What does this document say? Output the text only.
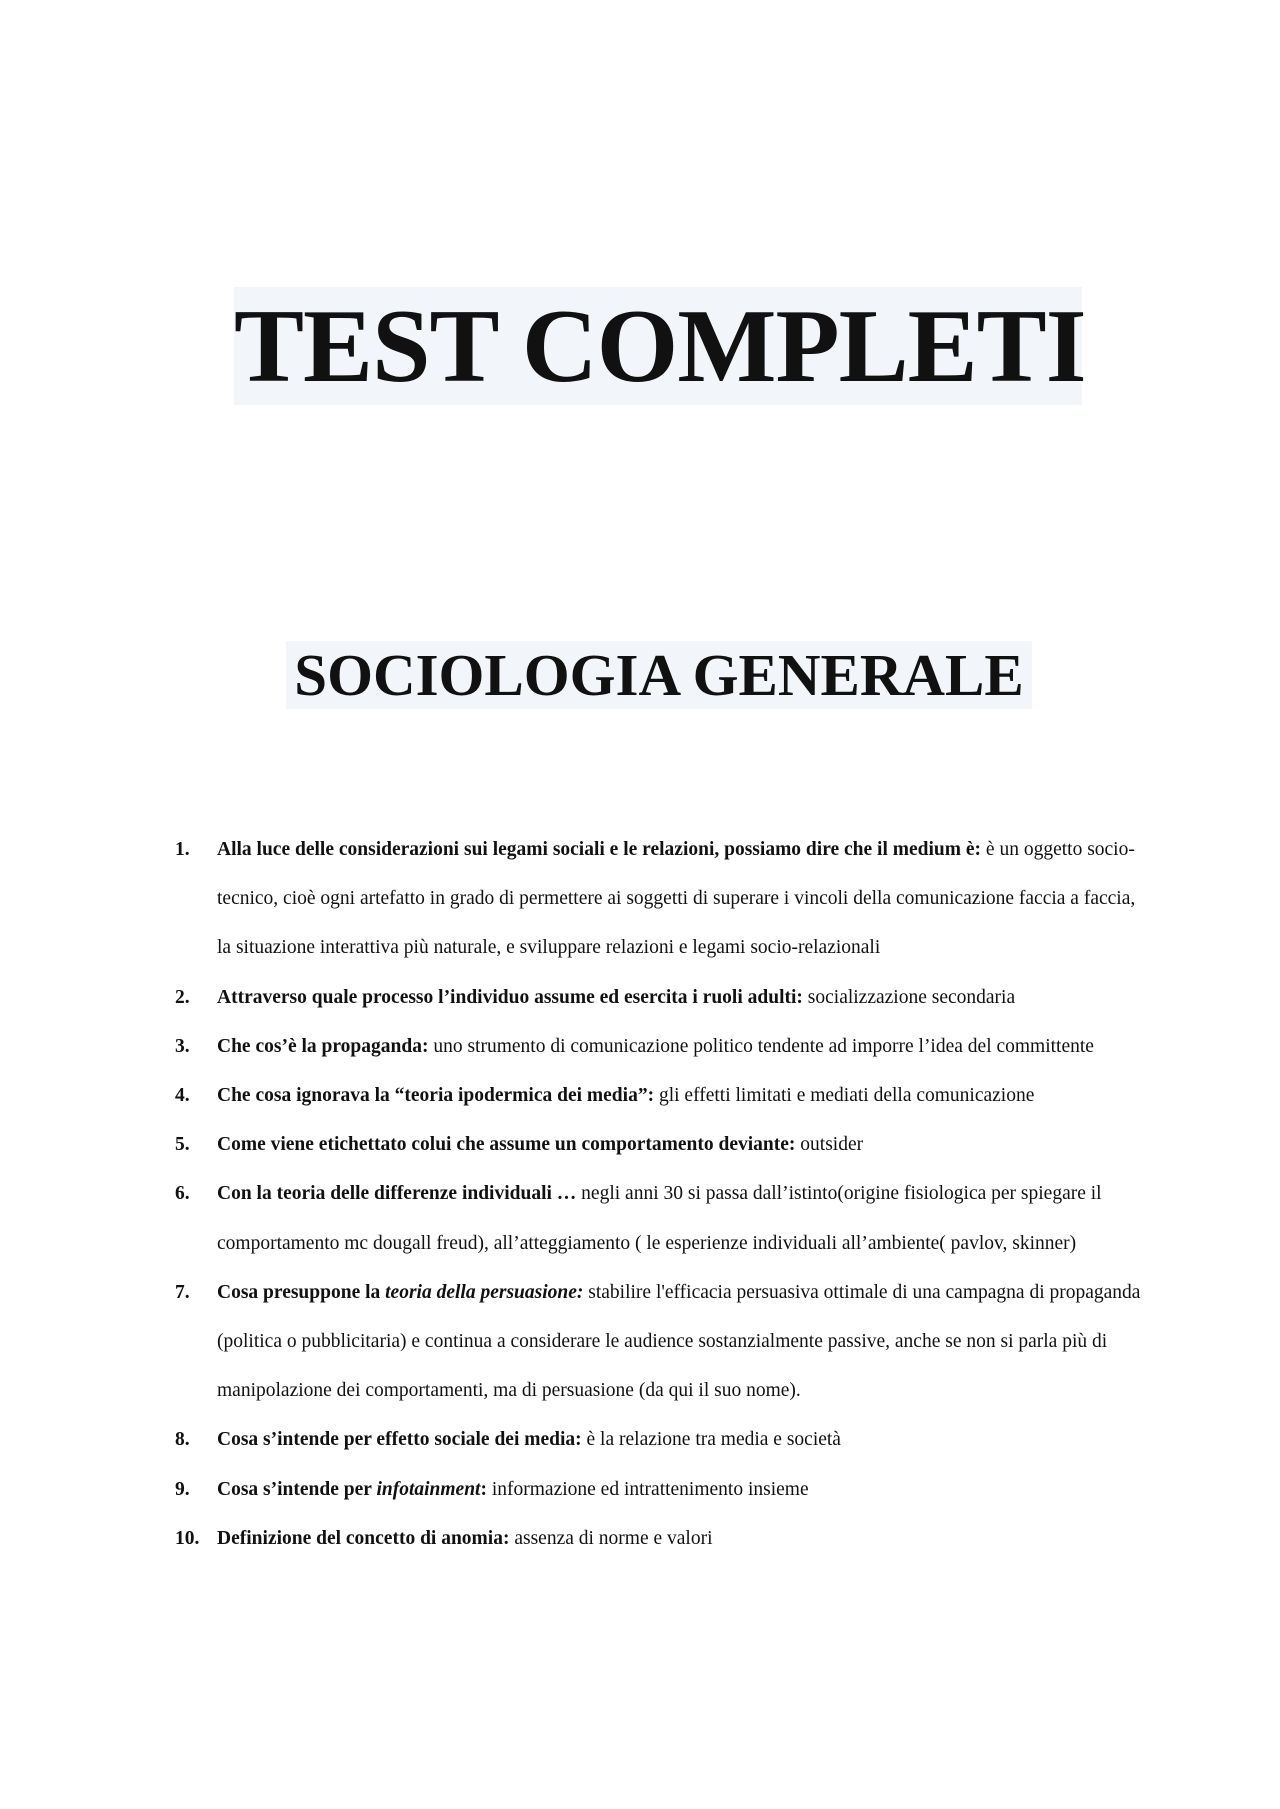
TEST COMPLETI
SOCIOLOGIA GENERALE
1. Alla luce delle considerazioni sui legami sociali e le relazioni, possiamo dire che il medium è: è un oggetto socio-tecnico, cioè ogni artefatto in grado di permettere ai soggetti di superare i vincoli della comunicazione faccia a faccia, la situazione interattiva più naturale, e sviluppare relazioni e legami socio-relazionali
2. Attraverso quale processo l’individuo assume ed esercita i ruoli adulti: socializzazione secondaria
3. Che cos’è la propaganda: uno strumento di comunicazione politico tendente ad imporre l’idea del committente
4. Che cosa ignorava la “teoria ipodermica dei media”: gli effetti limitati e mediati della comunicazione
5. Come viene etichettato colui che assume un comportamento deviante: outsider
6. Con la teoria delle differenze individuali … negli anni 30 si passa dall’istinto(origine fisiologica per spiegare il comportamento mc dougall freud), all’atteggiamento ( le esperienze individuali all’ambiente( pavlov, skinner)
7. Cosa presuppone la teoria della persuasione: stabilire l'efficacia persuasiva ottimale di una campagna di propaganda (politica o pubblicitaria) e continua a considerare le audience sostanzialmente passive, anche se non si parla più di manipolazione dei comportamenti, ma di persuasione (da qui il suo nome).
8. Cosa s’intende per effetto sociale dei media: è la relazione tra media e società
9. Cosa s’intende per infotainment: informazione ed intrattenimento insieme
10. Definizione del concetto di anomia: assenza di norme e valori
